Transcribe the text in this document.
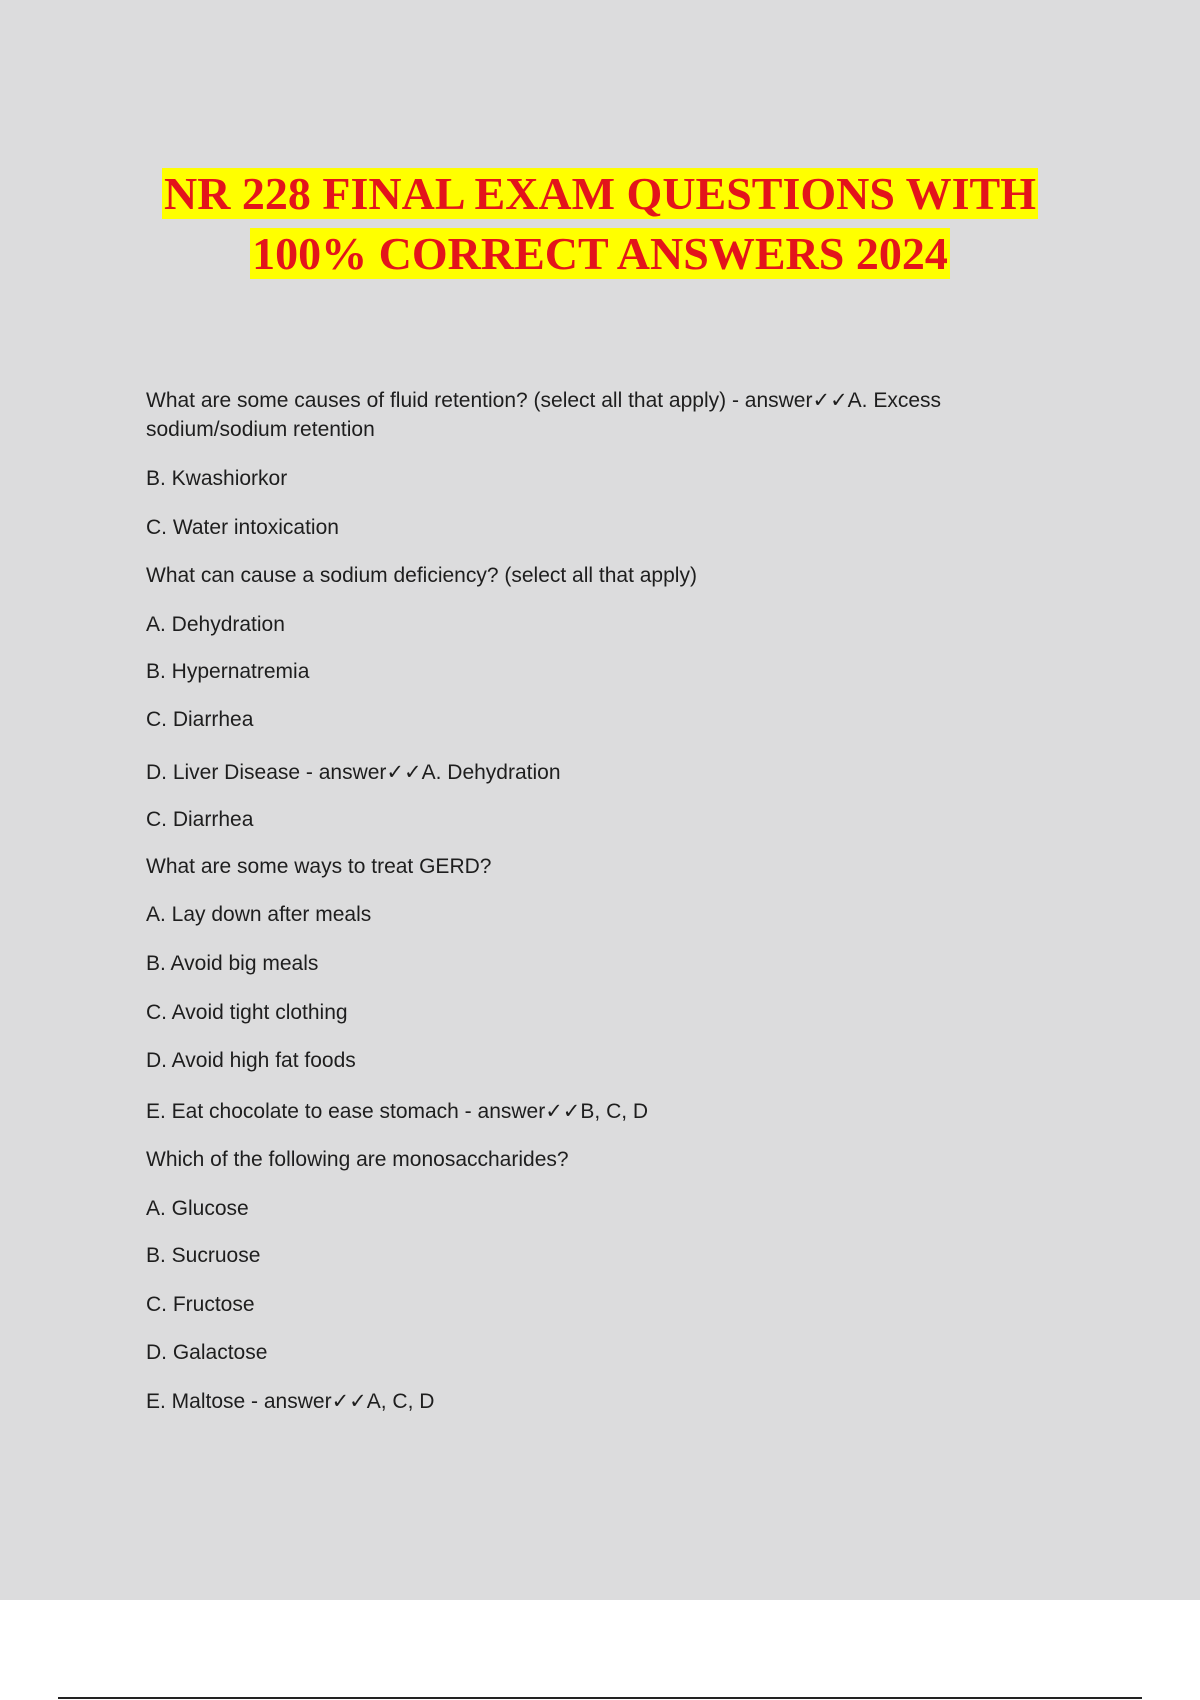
NR 228 FINAL EXAM QUESTIONS WITH
100% CORRECT ANSWERS 2024
What are some causes of fluid retention? (select all that apply) - answer✓✓A. Excess
sodium/sodium retention
B. Kwashiorkor
C. Water intoxication
What can cause a sodium deficiency? (select all that apply)
A. Dehydration
B. Hypernatremia
C. Diarrhea
D. Liver Disease - answer✓✓A. Dehydration
C. Diarrhea
What are some ways to treat GERD?
A. Lay down after meals
B. Avoid big meals
C. Avoid tight clothing
D. Avoid high fat foods
E. Eat chocolate to ease stomach - answer✓✓B, C, D
Which of the following are monosaccharides?
A. Glucose
B. Sucruose
C. Fructose
D. Galactose
E. Maltose - answer✓✓A, C, D
